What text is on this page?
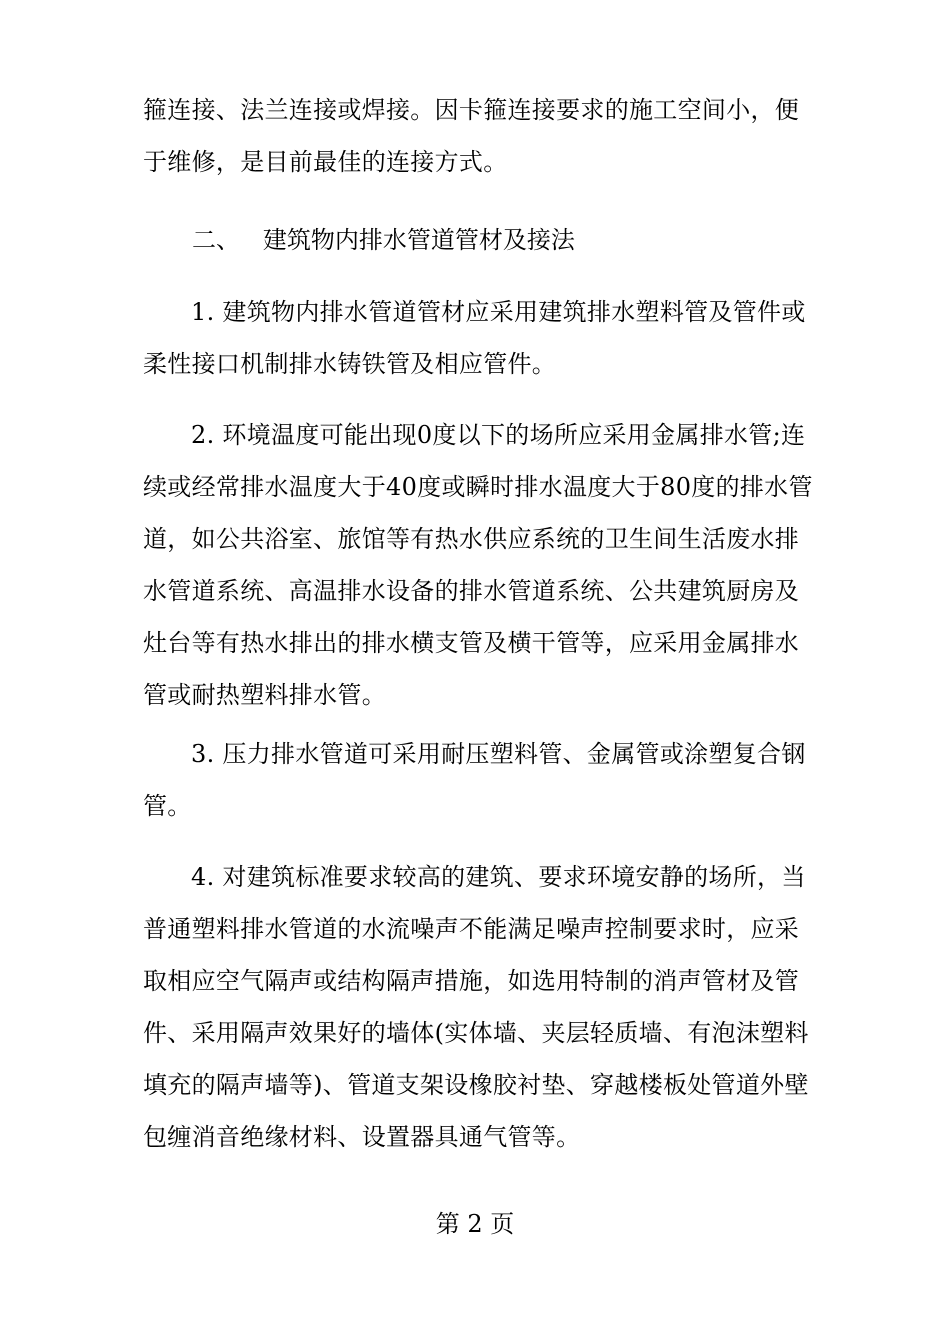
箍连接、法兰连接或焊接。因卡箍连接要求的施工空间小，便于维修，是目前最佳的连接方式。

二、   建筑物内排水管道管材及接法

1. 建筑物内排水管道管材应采用建筑排水塑料管及管件或柔性接口机制排水铸铁管及相应管件。

2. 环境温度可能出现0度以下的场所应采用金属排水管;连续或经常排水温度大于40度或瞬时排水温度大于80度的排水管道，如公共浴室、旅馆等有热水供应系统的卫生间生活废水排水管道系统、高温排水设备的排水管道系统、公共建筑厨房及灶台等有热水排出的排水横支管及横干管等，应采用金属排水管或耐热塑料排水管。

3. 压力排水管道可采用耐压塑料管、金属管或涂塑复合钢管。

4. 对建筑标准要求较高的建筑、要求环境安静的场所，当普通塑料排水管道的水流噪声不能满足噪声控制要求时，应采取相应空气隔声或结构隔声措施，如选用特制的消声管材及管件、采用隔声效果好的墙体(实体墙、夹层轻质墙、有泡沫塑料填充的隔声墙等)、管道支架设橡胶衬垫、穿越楼板处管道外壁包缠消音绝缘材料、设置器具通气管等。

第 2 页
